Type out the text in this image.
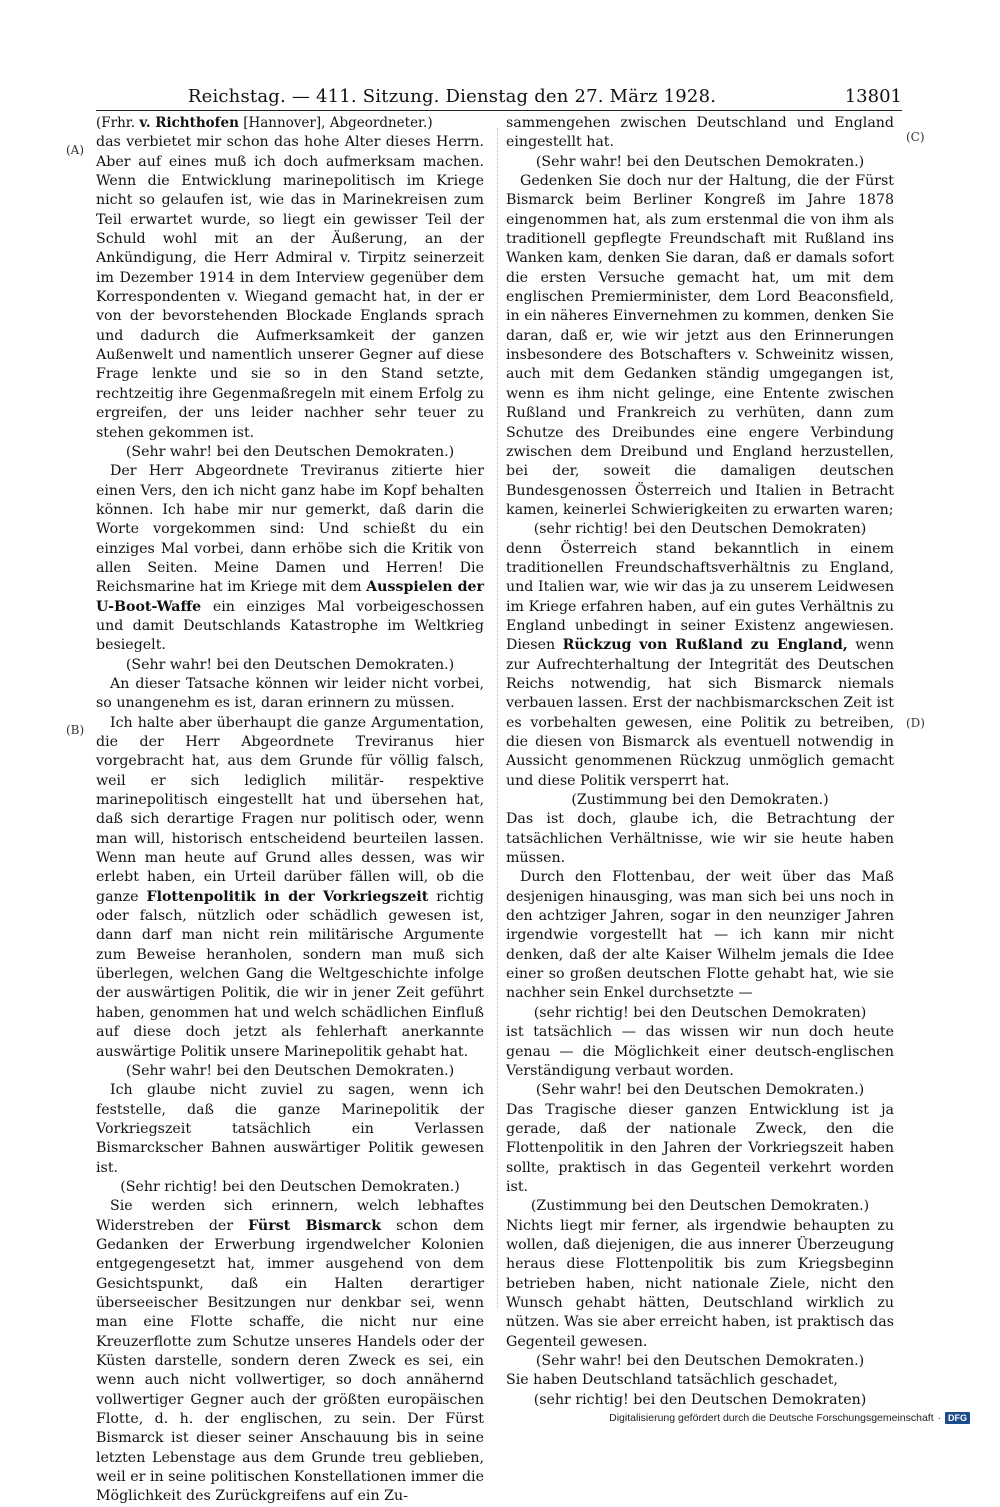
Reichstag. — 411. Sitzung. Dienstag den 27. März 1928.	13801
(A)
(B)
(C)
(D)

(Frhr. v. Richthofen [Hannover], Abgeordneter.)

das verbietet mir schon das hohe Alter dieses Herrn. Aber auf eines muß ich doch aufmerksam machen. Wenn die Entwicklung marinepolitisch im Kriege nicht so gelaufen ist, wie das in Marinekreisen zum Teil erwartet wurde, so liegt ein gewisser Teil der Schuld wohl mit an der Äußerung, an der Ankündigung, die Herr Admiral v. Tirpitz seinerzeit im Dezember 1914 in dem Interview gegenüber dem Korrespondenten v. Wiegand gemacht hat, in der er von der bevorstehenden Blockade Englands sprach und dadurch die Aufmerksamkeit der ganzen Außenwelt und namentlich unserer Gegner auf diese Frage lenkte und sie so in den Stand setzte, rechtzeitig ihre Gegenmaßregeln mit einem Erfolg zu ergreifen, der uns leider nachher sehr teuer zu stehen gekommen ist.

(Sehr wahr! bei den Deutschen Demokraten.)

Der Herr Abgeordnete Treviranus zitierte hier einen Vers, den ich nicht ganz habe im Kopf behalten können. Ich habe mir nur gemerkt, daß darin die Worte vorgekommen sind: Und schießt du ein einziges Mal vorbei, dann erhöbe sich die Kritik von allen Seiten. Meine Damen und Herren! Die Reichsmarine hat im Kriege mit dem Ausspielen der U-Boot-Waffe ein einziges Mal vorbeigeschossen und damit Deutschlands Katastrophe im Weltkrieg besiegelt.

(Sehr wahr! bei den Deutschen Demokraten.)

An dieser Tatsache können wir leider nicht vorbei, so unangenehm es ist, daran erinnern zu müssen.

Ich halte aber überhaupt die ganze Argumentation, die der Herr Abgeordnete Treviranus hier vorgebracht hat, aus dem Grunde für völlig falsch, weil er sich lediglich militär- respektive marinepolitisch eingestellt hat und übersehen hat, daß sich derartige Fragen nur politisch oder, wenn man will, historisch entscheidend beurteilen lassen. Wenn man heute auf Grund alles dessen, was wir erlebt haben, ein Urteil darüber fällen will, ob die ganze Flottenpolitik in der Vorkriegszeit richtig oder falsch, nützlich oder schädlich gewesen ist, dann darf man nicht rein militärische Argumente zum Beweise heranholen, sondern man muß sich überlegen, welchen Gang die Weltgeschichte infolge der auswärtigen Politik, die wir in jener Zeit geführt haben, genommen hat und welch schädlichen Einfluß auf diese doch jetzt als fehlerhaft anerkannte auswärtige Politik unsere Marinepolitik gehabt hat.

(Sehr wahr! bei den Deutschen Demokraten.)

Ich glaube nicht zuviel zu sagen, wenn ich feststelle, daß die ganze Marinepolitik der Vorkriegszeit tatsächlich ein Verlassen Bismarckscher Bahnen auswärtiger Politik gewesen ist.

(Sehr richtig! bei den Deutschen Demokraten.)

Sie werden sich erinnern, welch lebhaftes Widerstreben der Fürst Bismarck schon dem Gedanken der Erwerbung irgendwelcher Kolonien entgegengesetzt hat, immer ausgehend von dem Gesichtspunkt, daß ein Halten derartiger überseeischer Besitzungen nur denkbar sei, wenn man eine Flotte schaffe, die nicht nur eine Kreuzerflotte zum Schutze unseres Handels oder der Küsten darstelle, sondern deren Zweck es sei, ein wenn auch nicht vollwertiger, so doch annähernd vollwertiger Gegner auch der größten europäischen Flotte, d. h. der englischen, zu sein. Der Fürst Bismarck ist dieser seiner Anschauung bis in seine letzten Lebenstage aus dem Grunde treu geblieben, weil er in seine politischen Konstellationen immer die Möglichkeit des Zurückgreifens auf ein Zu-

sammengehen zwischen Deutschland und England eingestellt hat.

(Sehr wahr! bei den Deutschen Demokraten.)

Gedenken Sie doch nur der Haltung, die der Fürst Bismarck beim Berliner Kongreß im Jahre 1878 eingenommen hat, als zum erstenmal die von ihm als traditionell gepflegte Freundschaft mit Rußland ins Wanken kam, denken Sie daran, daß er damals sofort die ersten Versuche gemacht hat, um mit dem englischen Premierminister, dem Lord Beaconsfield, in ein näheres Einvernehmen zu kommen, denken Sie daran, daß er, wie wir jetzt aus den Erinnerungen insbesondere des Botschafters v. Schweinitz wissen, auch mit dem Gedanken ständig umgegangen ist, wenn es ihm nicht gelinge, eine Entente zwischen Rußland und Frankreich zu verhüten, dann zum Schutze des Dreibundes eine engere Verbindung zwischen dem Dreibund und England herzustellen, bei der, soweit die damaligen deutschen Bundesgenossen Österreich und Italien in Betracht kamen, keinerlei Schwierigkeiten zu erwarten waren;

(sehr richtig! bei den Deutschen Demokraten)

denn Österreich stand bekanntlich in einem traditionellen Freundschaftsverhältnis zu England, und Italien war, wie wir das ja zu unserem Leidwesen im Kriege erfahren haben, auf ein gutes Verhältnis zu England unbedingt in seiner Existenz angewiesen. Diesen Rückzug von Rußland zu England, wenn zur Aufrechterhaltung der Integrität des Deutschen Reichs notwendig, hat sich Bismarck niemals verbauen lassen. Erst der nachbismarckschen Zeit ist es vorbehalten gewesen, eine Politik zu betreiben, die diesen von Bismarck als eventuell notwendig in Aussicht genommenen Rückzug unmöglich gemacht und diese Politik versperrt hat.

(Zustimmung bei den Demokraten.)

Das ist doch, glaube ich, die Betrachtung der tatsächlichen Verhältnisse, wie wir sie heute haben müssen.

Durch den Flottenbau, der weit über das Maß desjenigen hinausging, was man sich bei uns noch in den achtziger Jahren, sogar in den neunziger Jahren irgendwie vorgestellt hat — ich kann mir nicht denken, daß der alte Kaiser Wilhelm jemals die Idee einer so großen deutschen Flotte gehabt hat, wie sie nachher sein Enkel durchsetzte —

(sehr richtig! bei den Deutschen Demokraten)

ist tatsächlich — das wissen wir nun doch heute genau — die Möglichkeit einer deutsch-englischen Verständigung verbaut worden.

(Sehr wahr! bei den Deutschen Demokraten.)

Das Tragische dieser ganzen Entwicklung ist ja gerade, daß der nationale Zweck, den die Flottenpolitik in den Jahren der Vorkriegszeit haben sollte, praktisch in das Gegenteil verkehrt worden ist.

(Zustimmung bei den Deutschen Demokraten.)

Nichts liegt mir ferner, als irgendwie behaupten zu wollen, daß diejenigen, die aus innerer Überzeugung heraus diese Flottenpolitik bis zum Kriegsbeginn betrieben haben, nicht nationale Ziele, nicht den Wunsch gehabt hätten, Deutschland wirklich zu nützen. Was sie aber erreicht haben, ist praktisch das Gegenteil gewesen.

(Sehr wahr! bei den Deutschen Demokraten.)

Sie haben Deutschland tatsächlich geschadet,

(sehr richtig! bei den Deutschen Demokraten)

Digitalisierung gefördert durch die Deutsche Forschungsgemeinschaft · DFG
